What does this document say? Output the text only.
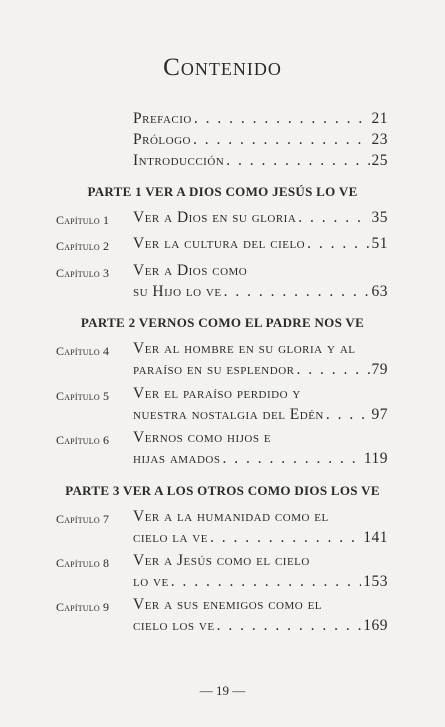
Contenido
Prefacio . . .	21
Prólogo . . .	23
Introducción . . .	25
PARTE 1 VER A DIOS COMO JESÚS LO VE
Capítulo 1 Ver a Dios en su gloria . . .	35
Capítulo 2 Ver la cultura del cielo . . .	51
Capítulo 3 Ver a Dios como
su Hijo lo ve . . .	63
PARTE 2 VERNOS COMO EL PADRE NOS VE
Capítulo 4 Ver al hombre en su gloria y al
paraíso en su esplendor . . .	79
Capítulo 5 Ver el paraíso perdido y
nuestra nostalgia del Edén . . .	97
Capítulo 6 Vernos como hijos e
hijas amados . . .	119
PARTE 3 VER A LOS OTROS COMO DIOS LOS VE
Capítulo 7 Ver a la humanidad como el
cielo la ve . . .	141
Capítulo 8 Ver a Jesús como el cielo
lo ve . . .	153
Capítulo 9 Ver a sus enemigos como el
cielo los ve . . .	169
— 19 —
